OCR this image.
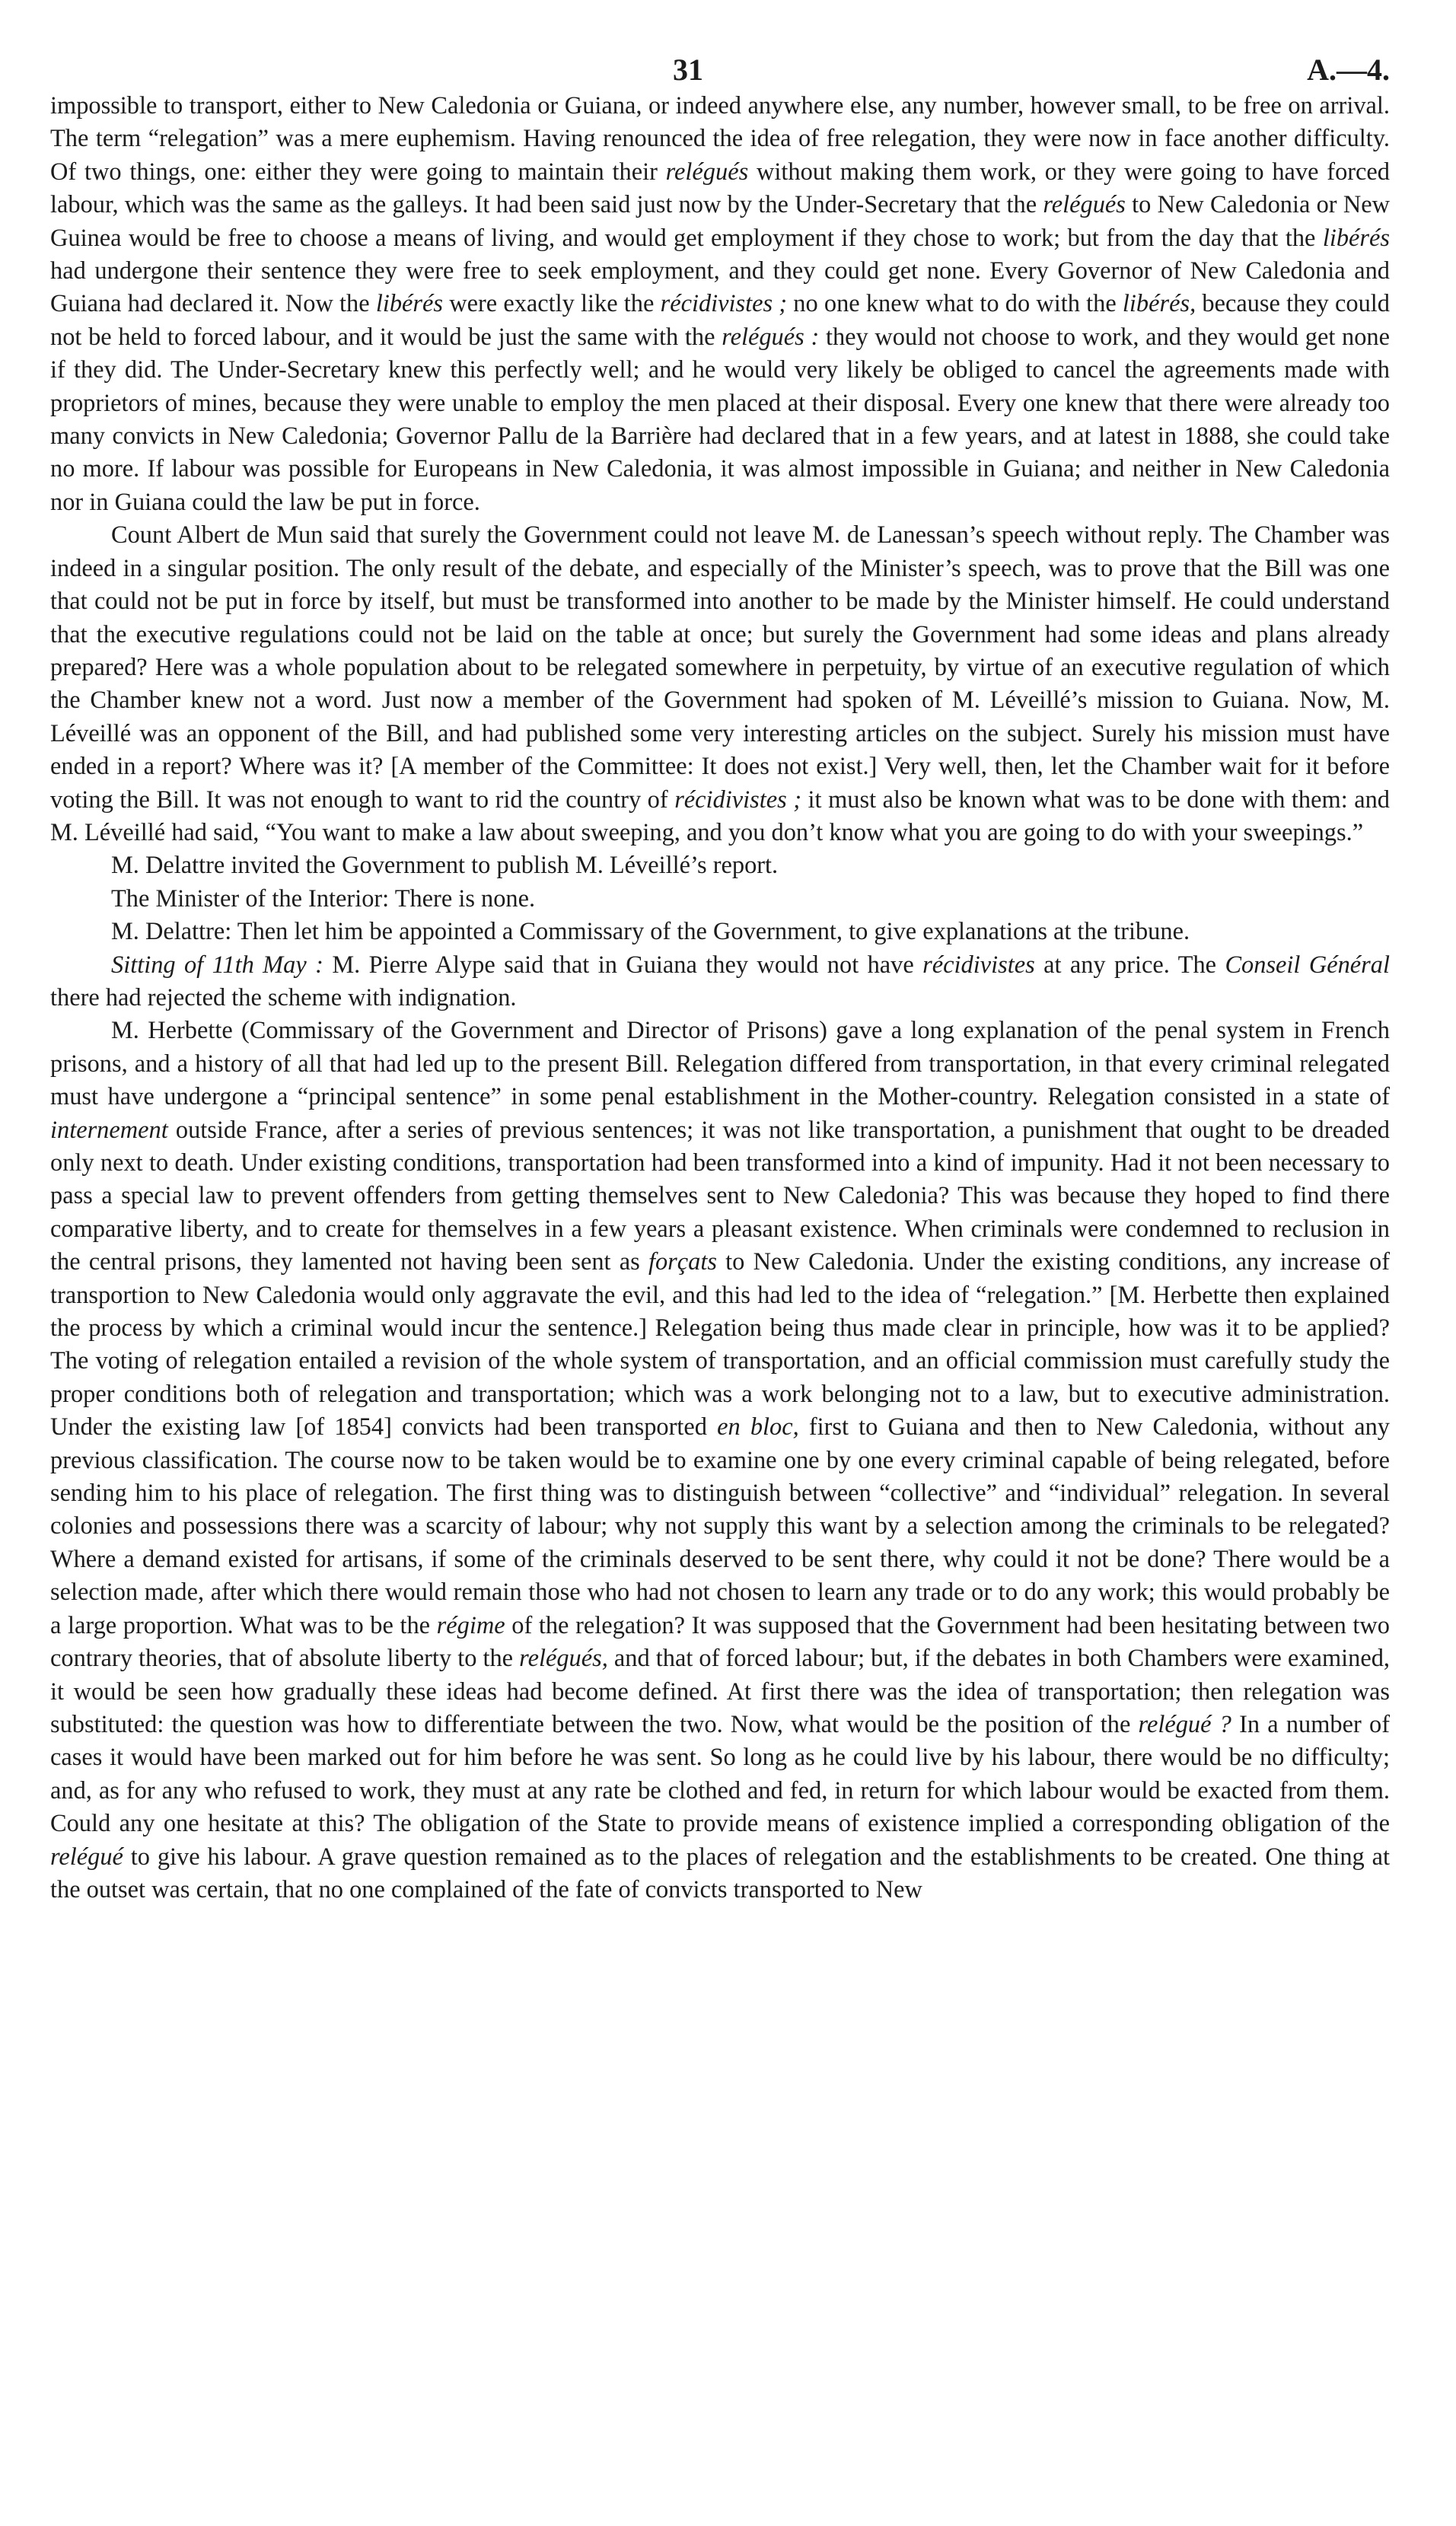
31	A.—4.

impossible to transport, either to New Caledonia or Guiana, or indeed anywhere else, any number, however small, to be free on arrival. The term “relegation” was a mere euphemism. Having renounced the idea of free relegation, they were now in face another difficulty. Of two things, one: either they were going to maintain their relégués without making them work, or they were going to have forced labour, which was the same as the galleys. It had been said just now by the Under-Secretary that the relégués to New Caledonia or New Guinea would be free to choose a means of living, and would get employment if they chose to work; but from the day that the libérés had undergone their sentence they were free to seek employment, and they could get none. Every Governor of New Caledonia and Guiana had declared it. Now the libérés were exactly like the récidivistes ; no one knew what to do with the libérés, because they could not be held to forced labour, and it would be just the same with the relégués : they would not choose to work, and they would get none if they did. The Under-Secretary knew this perfectly well; and he would very likely be obliged to cancel the agreements made with proprietors of mines, because they were unable to employ the men placed at their disposal. Every one knew that there were already too many convicts in New Caledonia; Governor Pallu de la Barrière had declared that in a few years, and at latest in 1888, she could take no more. If labour was possible for Europeans in New Caledonia, it was almost impossible in Guiana; and neither in New Caledonia nor in Guiana could the law be put in force.

Count Albert de Mun said that surely the Government could not leave M. de Lanessan’s speech without reply. The Chamber was indeed in a singular position. The only result of the debate, and especially of the Minister’s speech, was to prove that the Bill was one that could not be put in force by itself, but must be transformed into another to be made by the Minister himself. He could understand that the executive regulations could not be laid on the table at once; but surely the Government had some ideas and plans already prepared? Here was a whole population about to be relegated somewhere in perpetuity, by virtue of an executive regulation of which the Chamber knew not a word. Just now a member of the Government had spoken of M. Léveillé’s mission to Guiana. Now, M. Léveillé was an opponent of the Bill, and had published some very interesting articles on the subject. Surely his mission must have ended in a report? Where was it? [A member of the Committee: It does not exist.] Very well, then, let the Chamber wait for it before voting the Bill. It was not enough to want to rid the country of récidivistes ; it must also be known what was to be done with them: and M. Léveillé had said, “You want to make a law about sweeping, and you don’t know what you are going to do with your sweepings.”

M. Delattre invited the Government to publish M. Léveillé’s report.

The Minister of the Interior: There is none.

M. Delattre: Then let him be appointed a Commissary of the Government, to give explanations at the tribune.

Sitting of 11th May : M. Pierre Alype said that in Guiana they would not have récidivistes at any price. The Conseil Général there had rejected the scheme with indignation.

M. Herbette (Commissary of the Government and Director of Prisons) gave a long explanation of the penal system in French prisons, and a history of all that had led up to the present Bill. Relegation differed from transportation, in that every criminal relegated must have undergone a “principal sentence” in some penal establishment in the Mother-country. Relegation consisted in a state of internement outside France, after a series of previous sentences; it was not like transportation, a punishment that ought to be dreaded only next to death. Under existing conditions, transportation had been transformed into a kind of impunity. Had it not been necessary to pass a special law to prevent offenders from getting themselves sent to New Caledonia? This was because they hoped to find there comparative liberty, and to create for themselves in a few years a pleasant existence. When criminals were condemned to reclusion in the central prisons, they lamented not having been sent as forçats to New Caledonia. Under the existing conditions, any increase of transportion to New Caledonia would only aggravate the evil, and this had led to the idea of “relegation.” [M. Herbette then explained the process by which a criminal would incur the sentence.] Relegation being thus made clear in principle, how was it to be applied? The voting of relegation entailed a revision of the whole system of transportation, and an official commission must carefully study the proper conditions both of relegation and transportation; which was a work belonging not to a law, but to executive administration. Under the existing law [of 1854] convicts had been transported en bloc, first to Guiana and then to New Caledonia, without any previous classification. The course now to be taken would be to examine one by one every criminal capable of being relegated, before sending him to his place of relegation. The first thing was to distinguish between “collective” and “individual” relegation. In several colonies and possessions there was a scarcity of labour; why not supply this want by a selection among the criminals to be relegated? Where a demand existed for artisans, if some of the criminals deserved to be sent there, why could it not be done? There would be a selection made, after which there would remain those who had not chosen to learn any trade or to do any work; this would probably be a large proportion. What was to be the régime of the relegation? It was supposed that the Government had been hesitating between two contrary theories, that of absolute liberty to the relégués, and that of forced labour; but, if the debates in both Chambers were examined, it would be seen how gradually these ideas had become defined. At first there was the idea of transportation; then relegation was substituted: the question was how to differentiate between the two. Now, what would be the position of the relégué ? In a number of cases it would have been marked out for him before he was sent. So long as he could live by his labour, there would be no difficulty; and, as for any who refused to work, they must at any rate be clothed and fed, in return for which labour would be exacted from them. Could any one hesitate at this? The obligation of the State to provide means of existence implied a corresponding obligation of the relégué to give his labour. A grave question remained as to the places of relegation and the establishments to be created. One thing at the outset was certain, that no one complained of the fate of convicts transported to New
